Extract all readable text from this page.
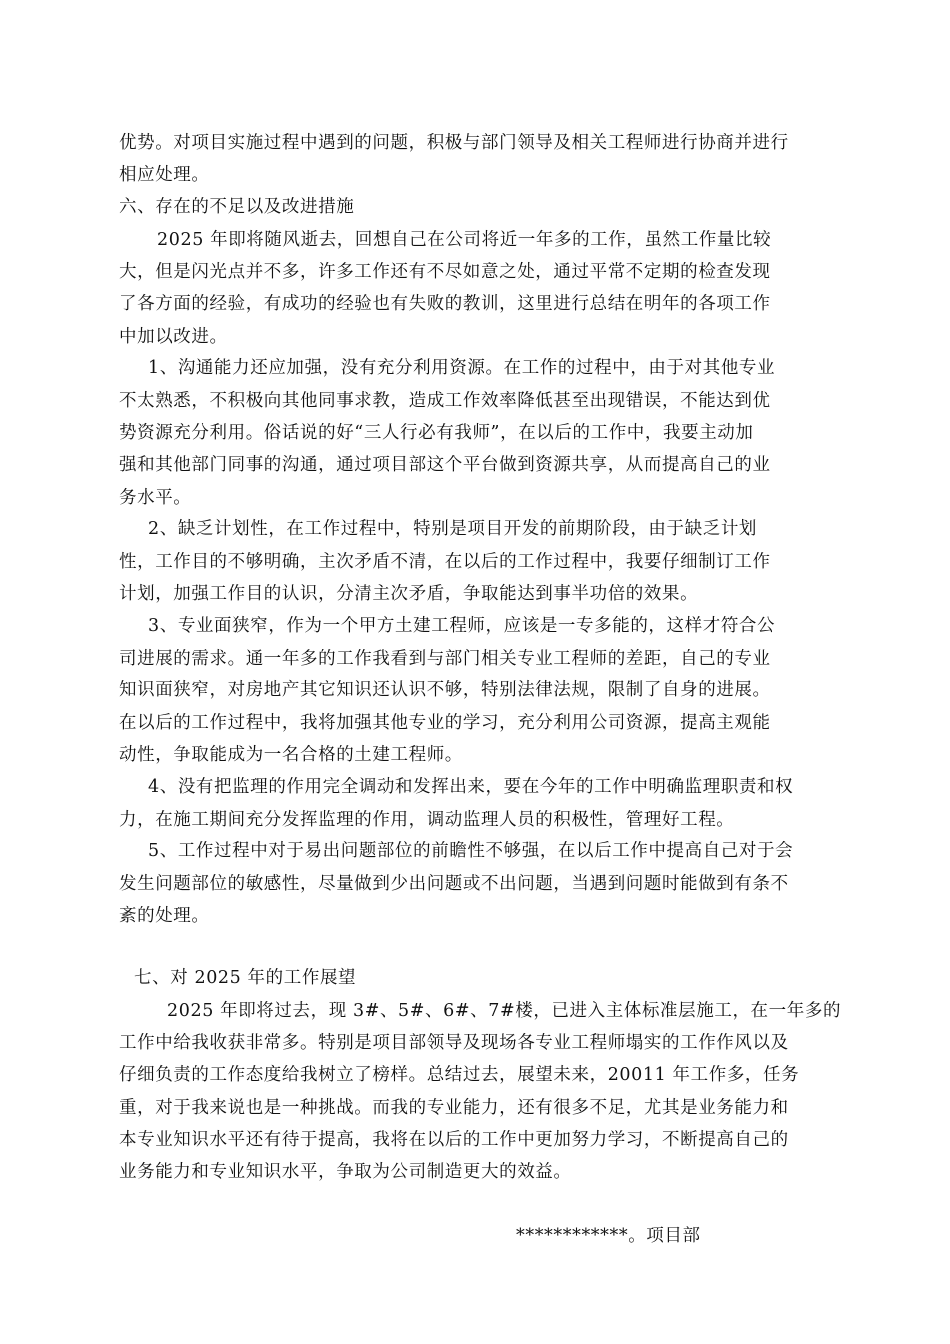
优势。对项目实施过程中遇到的问题，积极与部门领导及相关工程师进行协商并进行
相应处理。
六、存在的不足以及改进措施
2025 年即将随风逝去，回想自己在公司将近一年多的工作，虽然工作量比较
大，但是闪光点并不多，许多工作还有不尽如意之处，通过平常不定期的检查发现
了各方面的经验，有成功的经验也有失败的教训，这里进行总结在明年的各项工作
中加以改进。
1、沟通能力还应加强，没有充分利用资源。在工作的过程中，由于对其他专业
不太熟悉，不积极向其他同事求教，造成工作效率降低甚至出现错误，不能达到优
势资源充分利用。俗话说的好“三人行必有我师”，在以后的工作中，我要主动加
强和其他部门同事的沟通，通过项目部这个平台做到资源共享，从而提高自己的业
务水平。
2、缺乏计划性，在工作过程中，特别是项目开发的前期阶段，由于缺乏计划
性，工作目的不够明确，主次矛盾不清，在以后的工作过程中，我要仔细制订工作
计划，加强工作目的认识，分清主次矛盾，争取能达到事半功倍的效果。
3、专业面狭窄，作为一个甲方土建工程师，应该是一专多能的，这样才符合公
司进展的需求。通一年多的工作我看到与部门相关专业工程师的差距，自己的专业
知识面狭窄，对房地产其它知识还认识不够，特别法律法规，限制了自身的进展。
在以后的工作过程中，我将加强其他专业的学习，充分利用公司资源，提高主观能
动性，争取能成为一名合格的土建工程师。
4、没有把监理的作用完全调动和发挥出来，要在今年的工作中明确监理职责和权
力，在施工期间充分发挥监理的作用，调动监理人员的积极性，管理好工程。
5、工作过程中对于易出问题部位的前瞻性不够强，在以后工作中提高自己对于会
发生问题部位的敏感性，尽量做到少出问题或不出问题，当遇到问题时能做到有条不
紊的处理。
七、对 2025 年的工作展望
2025 年即将过去，现 3#、5#、6#、7#楼，已进入主体标准层施工，在一年多的
工作中给我收获非常多。特别是项目部领导及现场各专业工程师塌实的工作作风以及
仔细负责的工作态度给我树立了榜样。总结过去，展望未来，20011 年工作多，任务
重，对于我来说也是一种挑战。而我的专业能力，还有很多不足，尤其是业务能力和
本专业知识水平还有待于提高，我将在以后的工作中更加努力学习，不断提高自己的
业务能力和专业知识水平，争取为公司制造更大的效益。
************。项目部
